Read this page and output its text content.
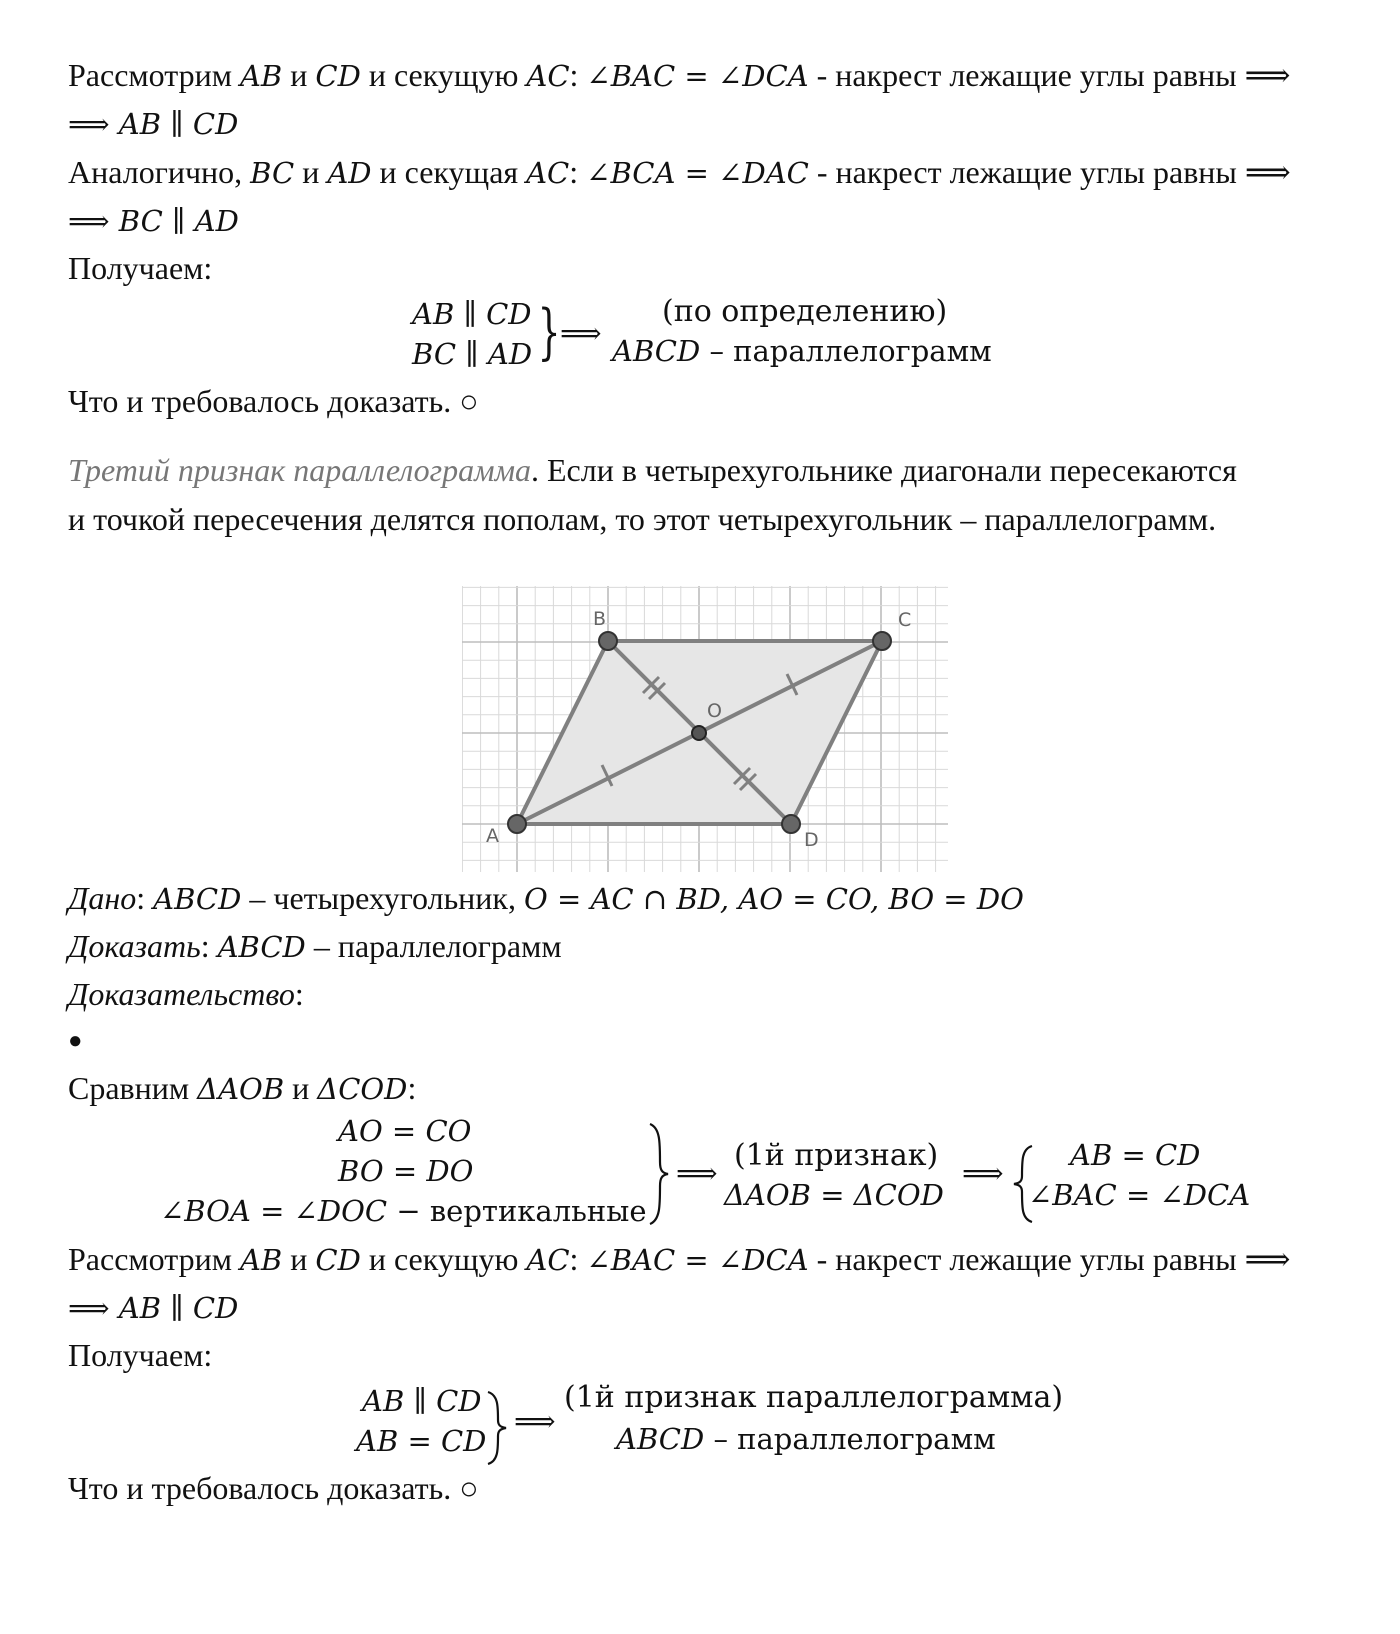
Рассмотрим AB и CD и секущую AC: ∠BAC = ∠DCA - накрест лежащие углы равны ⟹
⟹ AB ∥ CD
Аналогично, BC и AD и секущая AC: ∠BCA = ∠DAC - накрест лежащие углы равны ⟹
⟹ BC ∥ AD
Получаем:
AB ∥ CD
BC ∥ AD } ⟹
(по определению)
ABCD – параллелограмм
Что и требовалось доказать. ○
Третий признак параллелограмма. Если в четырехугольнике диагонали пересекаются
и точкой пересечения делятся пополам, то этот четырехугольник – параллелограмм.
A
B	C
D
O
Дано: ABCD – четырехугольник, O = AC ∩ BD, AO = CO, BO = DO
Доказать: ABCD – параллелограмм
Доказательство:
●
Сравним ΔAOB и ΔCOD:
AO = CO
BO = DO
∠BOA = ∠DOC − вертикальные
⟹ (1й признак)
ΔAOB = ΔCOD
⟹
AB = CD
∠BAC = ∠DCA
Рассмотрим AB и CD и секущую AC: ∠BAC = ∠DCA - накрест лежащие углы равны ⟹
⟹ AB ∥ CD
Получаем:
AB ∥ CD
AB = CD
⟹
(1й признак параллелограмма)
ABCD – параллелограмм
Что и требовалось доказать. ○
